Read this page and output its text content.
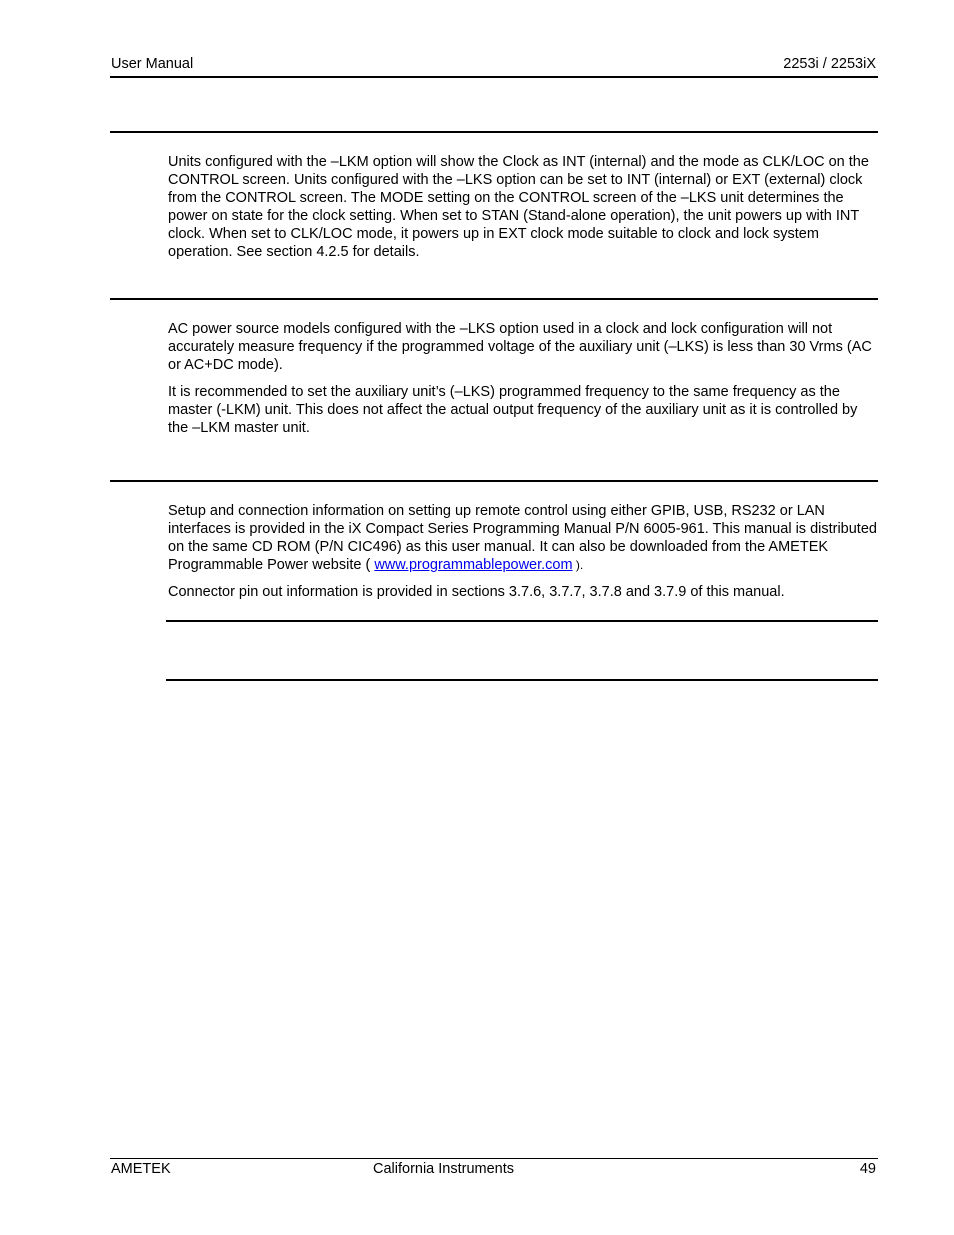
User Manual	2253i / 2253iX

Units configured with the –LKM option will show the Clock as INT (internal) and the mode as CLK/LOC on the CONTROL screen. Units configured with the –LKS option can be set to INT (internal) or EXT (external) clock from the CONTROL screen. The MODE setting on the CONTROL screen of the –LKS unit determines the power on state for the clock setting. When set to STAN (Stand-alone operation), the unit powers up with INT clock. When set to CLK/LOC mode, it powers up in EXT clock mode suitable to clock and lock system operation. See section 4.2.5 for details.

AC power source models configured with the –LKS option used in a clock and lock configuration will not accurately measure frequency if the programmed voltage of the auxiliary unit (–LKS) is less than 30 Vrms (AC or AC+DC mode).

It is recommended to set the auxiliary unit’s (–LKS) programmed frequency to the same frequency as the master (-LKM) unit. This does not affect the actual output frequency of the auxiliary unit as it is controlled by the –LKM master unit.

Setup and connection information on setting up remote control using either GPIB, USB, RS232 or LAN interfaces is provided in the iX Compact Series Programming Manual P/N 6005-961. This manual is distributed on the same CD ROM (P/N CIC496) as this user manual. It can also be downloaded from the AMETEK Programmable Power website ( www.programmablepower.com ).

Connector pin out information is provided in sections 3.7.6, 3.7.7, 3.7.8 and 3.7.9 of this manual.

AMETEK	California Instruments	49
